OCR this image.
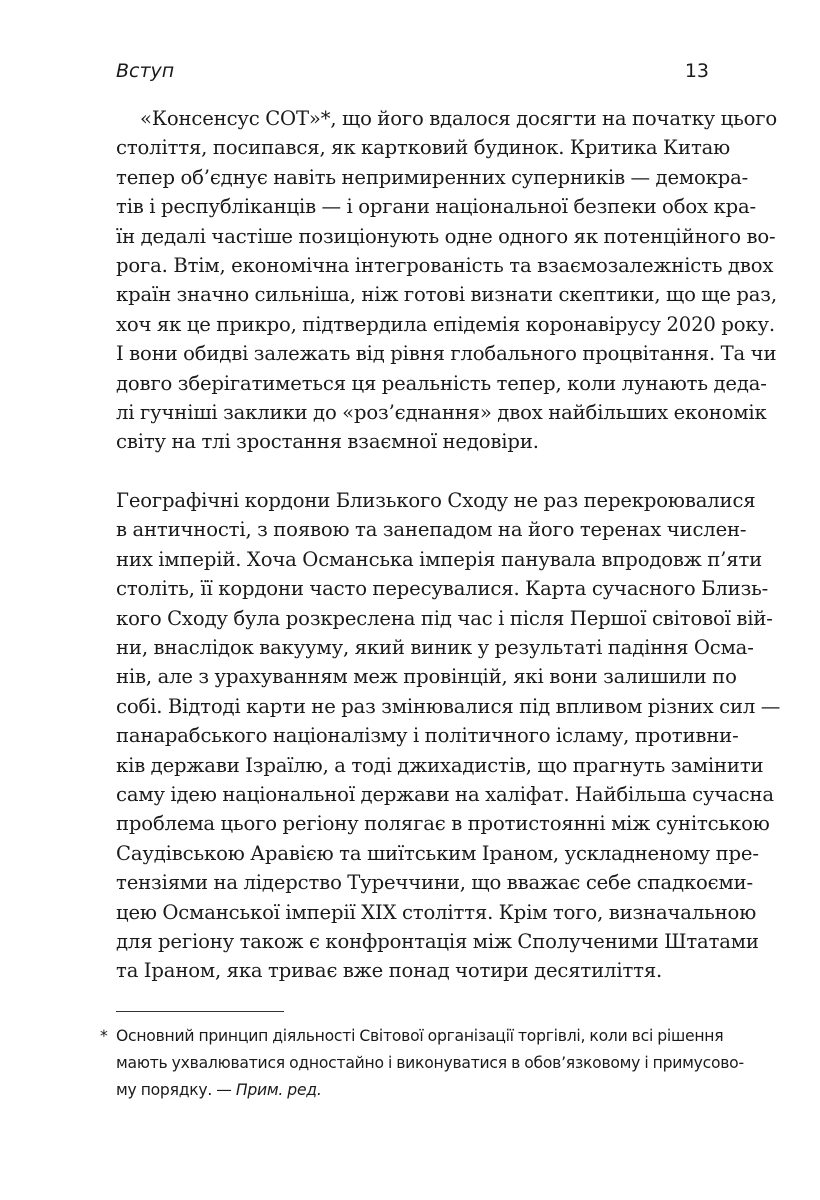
Вступ	13
«Консенсус СОТ»*, що його вдалося досягти на початку цього
століття, посипався, як картковий будинок. Критика Китаю
тепер об’єднує навіть непримиренних суперників — демокра-
тів і республіканців — і органи національної безпеки обох кра-
їн дедалі частіше позиціонують одне одного як потенційного во-
рога. Втім, економічна інтегрованість та взаємозалежність двох
країн значно сильніша, ніж готові визнати скептики, що ще раз,
хоч як це прикро, підтвердила епідемія коронавірусу 2020 року.
І вони обидві залежать від рівня глобального процвітання. Та чи
довго зберігатиметься ця реальність тепер, коли лунають деда-
лі гучніші заклики до «роз’єднання» двох найбільших економік
світу на тлі зростання взаємної недовіри.
Географічні кордони Близького Сходу не раз перекроювалися
в античності, з появою та занепадом на його теренах числен-
них імперій. Хоча Османська імперія панувала впродовж п’яти
століть, її кордони часто пересувалися. Карта сучасного Близь-
кого Сходу була розкреслена під час і після Першої світової вій-
ни, внаслідок вакууму, який виник у результаті падіння Осма-
нів, але з урахуванням меж провінцій, які вони залишили по
собі. Відтоді карти не раз змінювалися під впливом різних сил —
панарабського націоналізму і політичного ісламу, противни-
ків держави Ізраїлю, а тоді джихадистів, що прагнуть замінити
саму ідею національної держави на халіфат. Найбільша сучасна
проблема цього регіону полягає в протистоянні між сунітською
Саудівською Аравією та шиїтським Іраном, ускладненому пре-
тензіями на лідерство Туреччини, що вважає себе спадкоєми-
цею Османської імперії XIX століття. Крім того, визначальною
для регіону також є конфронтація між Сполученими Штатами
та Іраном, яка триває вже понад чотири десятиліття.
* Основний принцип діяльності Світової організації торгівлі, коли всі рішення
мають ухвалюватися одностайно і виконуватися в обов’язковому і примусово-
му порядку. — Прим. ред.
